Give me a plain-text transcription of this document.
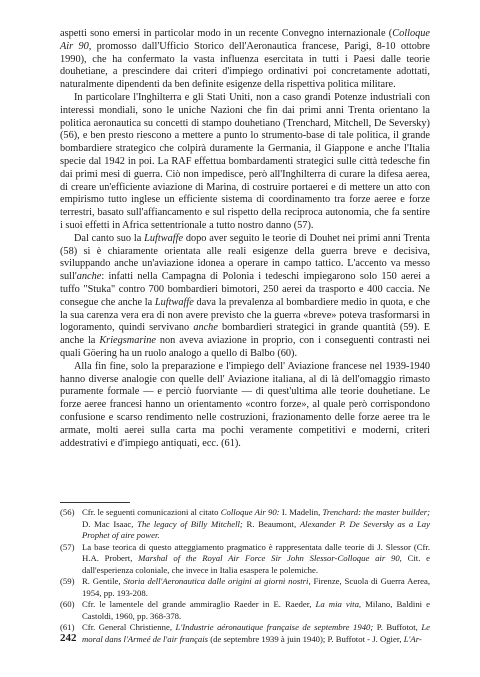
aspetti sono emersi in particolar modo in un recente Convegno internazionale (Colloque Air 90, promosso dall'Ufficio Storico dell'Aeronautica francese, Parigi, 8-10 ottobre 1990), che ha confermato la vasta influenza esercitata in tutti i Paesi dalle teorie douhetiane, a prescindere dai criteri d'impiego ordinativi poi concretamente adottati, naturalmente dipendenti da ben definite esigenze della rispettiva politica militare.

In particolare l'Inghilterra e gli Stati Uniti, non a caso grandi Potenze industriali con interessi mondiali, sono le uniche Nazioni che fin dai primi anni Trenta orientano la politica aeronautica su concetti di stampo douhetiano (Trenchard, Mitchell, De Seversky) (56), e ben presto riescono a mettere a punto lo strumento-base di tale politica, il grande bombardiere strategico che colpirà duramente la Germania, il Giappone e anche l'Italia specie dal 1942 in poi. La RAF effettua bombardamenti strategici sulle città tedesche fin dai primi mesi di guerra. Ciò non impedisce, però all'Inghilterra di curare la difesa aerea, di creare un'efficiente aviazione di Marina, di costruire portaerei e di mettere un atto con empirismo tutto inglese un efficiente sistema di coordinamento tra forze aeree e forze terrestri, basato sull'affiancamento e sul rispetto della reciproca autonomia, che fa sentire i suoi effetti in Africa settentrionale a tutto nostro danno (57).

Dal canto suo la Luftwaffe dopo aver seguito le teorie di Douhet nei primi anni Trenta (58) si è chiaramente orientata alle reali esigenze della guerra breve e decisiva, sviluppando anche un'aviazione idonea a operare in campo tattico. L'accento va messo sull'anche: infatti nella Campagna di Polonia i tedeschi impiegarono solo 150 aerei a tuffo "Stuka" contro 700 bombardieri bimotori, 250 aerei da trasporto e 400 caccia. Ne consegue che anche la Luftwaffe dava la prevalenza al bombardiere medio in quota, e che la sua carenza vera era di non avere previsto che la guerra «breve» poteva trasformarsi in logoramento, quindi servivano anche bombardieri strategici in grande quantità (59). E anche la Kriegsmarine non aveva aviazione in proprio, con i conseguenti contrasti nei quali Göering ha un ruolo analogo a quello di Balbo (60).

Alla fin fine, solo la preparazione e l'impiego dell' Aviazione francese nel 1939-1940 hanno diverse analogie con quelle dell' Aviazione italiana, al di là dell'omaggio rimasto puramente formale — e perciò fuorviante — di quest'ultima alle teorie douhetiane. Le forze aeree francesi hanno un orientamento «contro forze», al quale però corrispondono confusione e scarso rendimento nelle costruzioni, frazionamento delle forze aeree tra le armate, molti aerei sulla carta ma pochi veramente competitivi e moderni, criteri addestrativi e d'impiego antiquati, ecc. (61).

(56) Cfr. le seguenti comunicazioni al citato Colloque Air 90: I. Madelin, Trenchard: the master builder; D. Mac Isaac, The legacy of Billy Mitchell; R. Beaumont, Alexander P. De Seversky as a Lay Prophet of aire power.
(57) La base teorica di questo atteggiamento pragmatico è rappresentata dalle teorie di J. Slessor (Cfr. H.A. Probert, Marshal of the Royal Air Force Sir John Slessor-Colloque air 90, Cit. e dall'esperienza coloniale, che invece in Italia esaspera le polemiche.
(59) R. Gentile, Storia dell'Aeronautica dalle origini ai giorni nostri, Firenze, Scuola di Guerra Aerea, 1954, pp. 193-208.
(60) Cfr. le lamentele del grande ammiraglio Raeder in E. Raeder, La mia vita, Milano, Baldini e Castoldi, 1960, pp. 368-378.
(61) Cfr. General Christienne, L'Industrie aéronautique française de septembre 1940; P. Buffotot, Le moral dans l'Armeé de l'air français (de septembre 1939 à juin 1940); P. Buffotot - J. Ogier, L'Ar-
242
